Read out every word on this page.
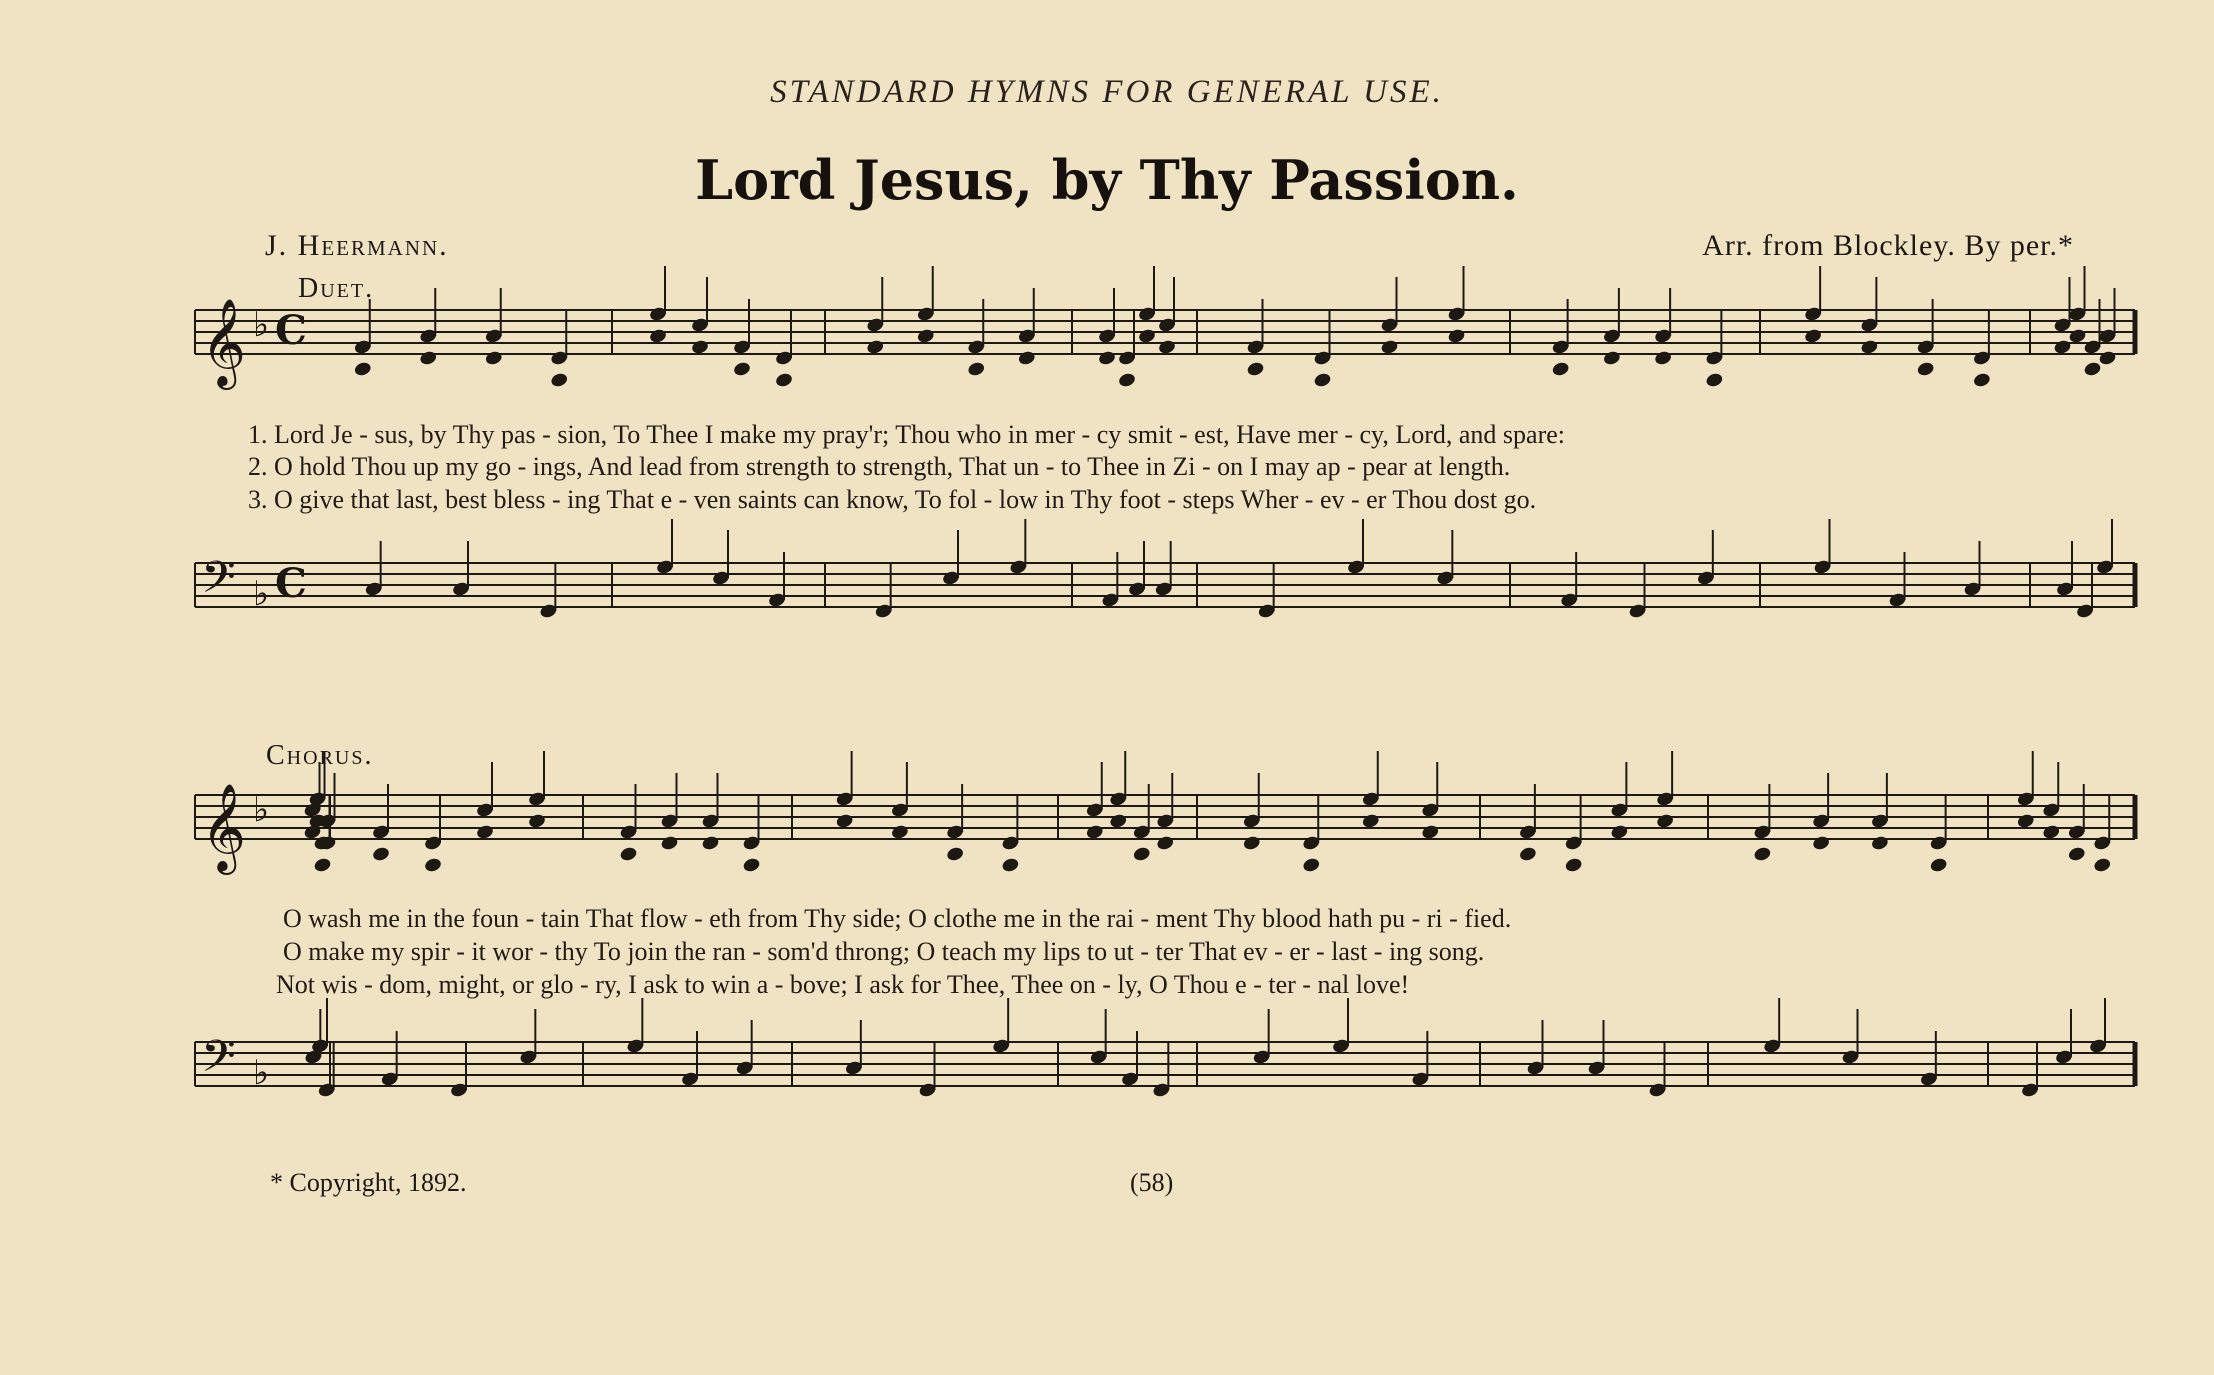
STANDARD HYMNS FOR GENERAL USE.
Lord Jesus, by Thy Passion.
J. Heermann.	Arr. from Blockley. By per.*
Duet.
Chorus.
𝄞 ♭ C
𝄢 ♭ C
𝄞 ♭
𝄢 ♭
1. Lord Je - sus, by Thy pas - sion, To Thee I make my pray'r; Thou who in mer - cy smit - est, Have mer - cy, Lord, and spare:
2. O hold Thou up my go - ings, And lead from strength to strength, That un - to Thee in Zi - on I may ap - pear at length.
3. O give that last, best bless - ing That e - ven saints can know, To fol - low in Thy foot - steps Wher - ev - er Thou dost go.
O wash me in the foun - tain That flow - eth from Thy side; O clothe me in the rai - ment Thy blood hath pu - ri - fied.
O make my spir - it wor - thy To join the ran - som'd throng; O teach my lips to ut - ter That ev - er - last - ing song.
Not wis - dom, might, or glo - ry, I ask to win a - bove; I ask for Thee, Thee on - ly, O Thou e - ter - nal love!
* Copyright, 1892.	(58)
